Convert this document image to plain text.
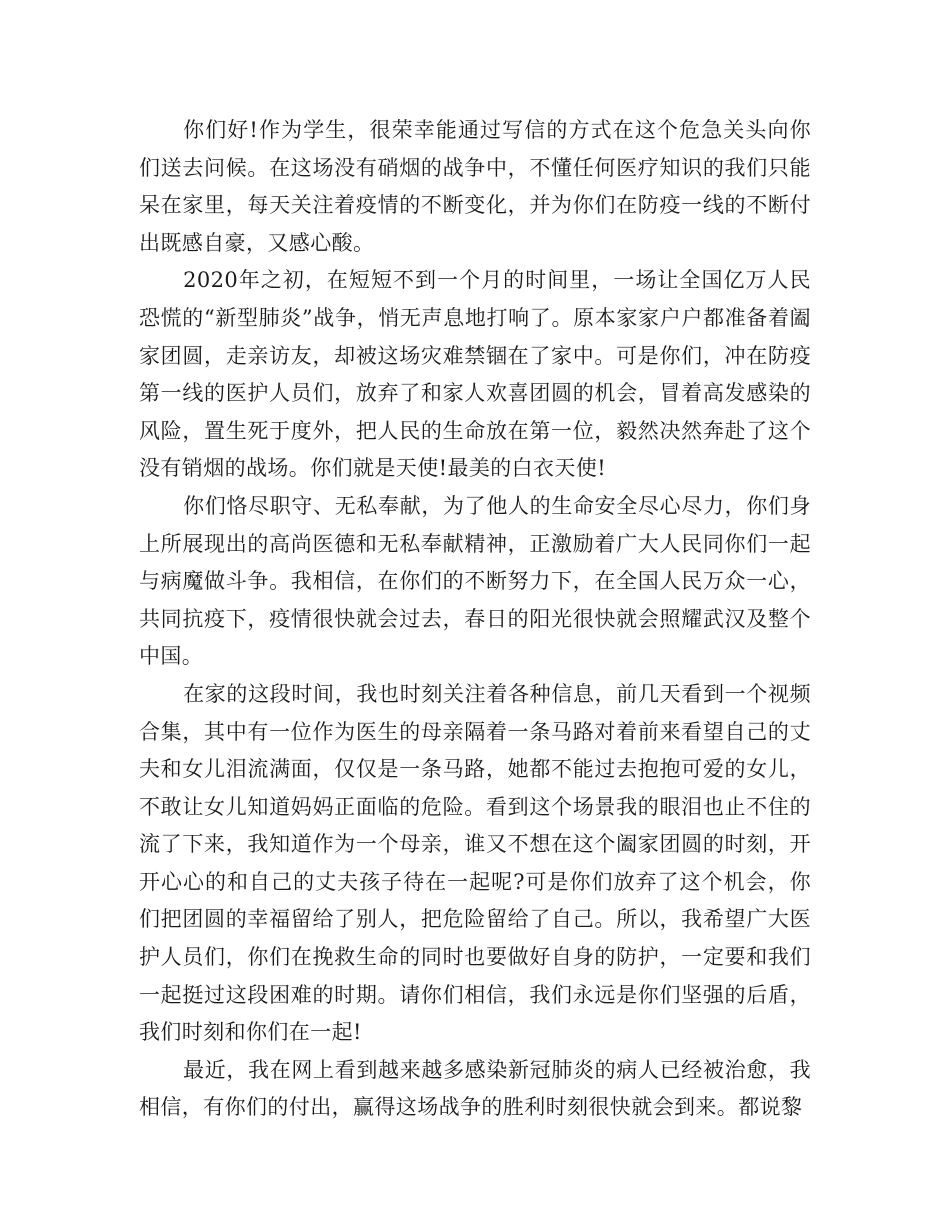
你们好!作为学生，很荣幸能通过写信的方式在这个危急关头向你们送去问候。在这场没有硝烟的战争中，不懂任何医疗知识的我们只能呆在家里，每天关注着疫情的不断变化，并为你们在防疫一线的不断付出既感自豪，又感心酸。

2020年之初，在短短不到一个月的时间里，一场让全国亿万人民恐慌的“新型肺炎”战争，悄无声息地打响了。原本家家户户都准备着阖家团圆，走亲访友，却被这场灾难禁锢在了家中。可是你们，冲在防疫第一线的医护人员们，放弃了和家人欢喜团圆的机会，冒着高发感染的风险，置生死于度外，把人民的生命放在第一位，毅然决然奔赴了这个没有销烟的战场。你们就是天使!最美的白衣天使!

你们恪尽职守、无私奉献，为了他人的生命安全尽心尽力，你们身上所展现出的高尚医德和无私奉献精神，正激励着广大人民同你们一起与病魔做斗争。我相信，在你们的不断努力下，在全国人民万众一心，共同抗疫下，疫情很快就会过去，春日的阳光很快就会照耀武汉及整个中国。

在家的这段时间，我也时刻关注着各种信息，前几天看到一个视频合集，其中有一位作为医生的母亲隔着一条马路对着前来看望自己的丈夫和女儿泪流满面，仅仅是一条马路，她都不能过去抱抱可爱的女儿，不敢让女儿知道妈妈正面临的危险。看到这个场景我的眼泪也止不住的流了下来，我知道作为一个母亲，谁又不想在这个阖家团圆的时刻，开开心心的和自己的丈夫孩子待在一起呢?可是你们放弃了这个机会，你们把团圆的幸福留给了别人，把危险留给了自己。所以，我希望广大医护人员们，你们在挽救生命的同时也要做好自身的防护，一定要和我们一起挺过这段困难的时期。请你们相信，我们永远是你们坚强的后盾，我们时刻和你们在一起!

最近，我在网上看到越来越多感染新冠肺炎的病人已经被治愈，我相信，有你们的付出，赢得这场战争的胜利时刻很快就会到来。都说黎
